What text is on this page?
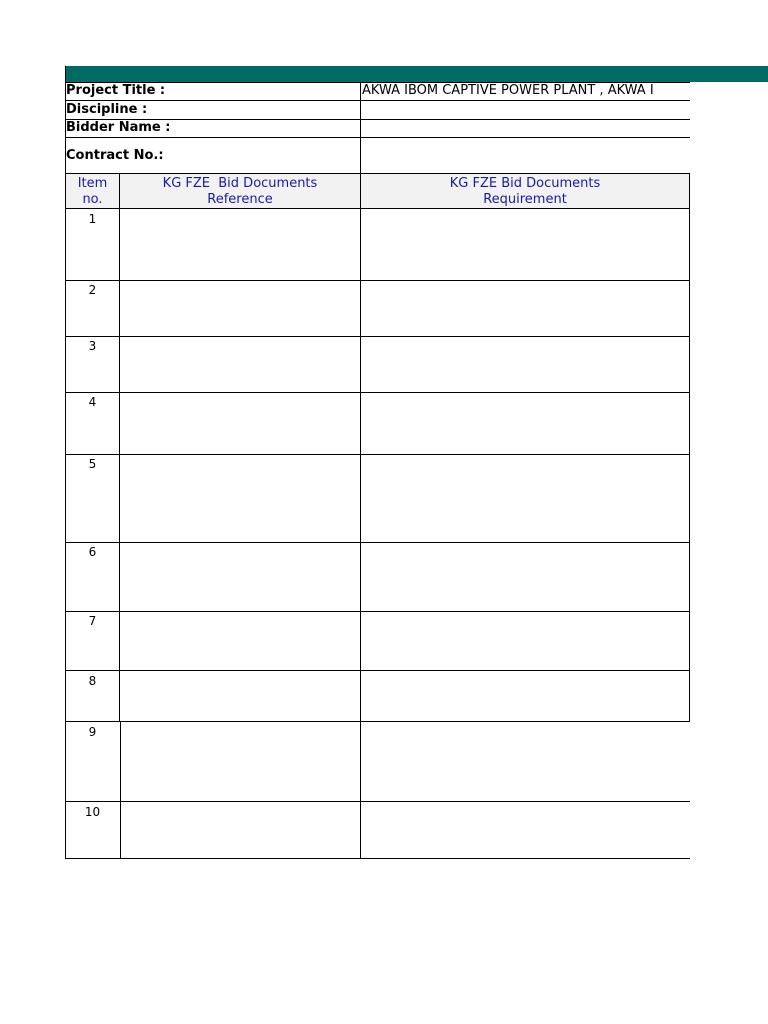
Project Title :	AKWA IBOM CAPTIVE POWER PLANT , AKWA I
Discipline :
Bidder Name :
Contract No.:
Item
no.
KG FZE  Bid Documents
Reference
KG FZE Bid Documents
Requirement
1
2
3
4
5
6
7
8
9
10
